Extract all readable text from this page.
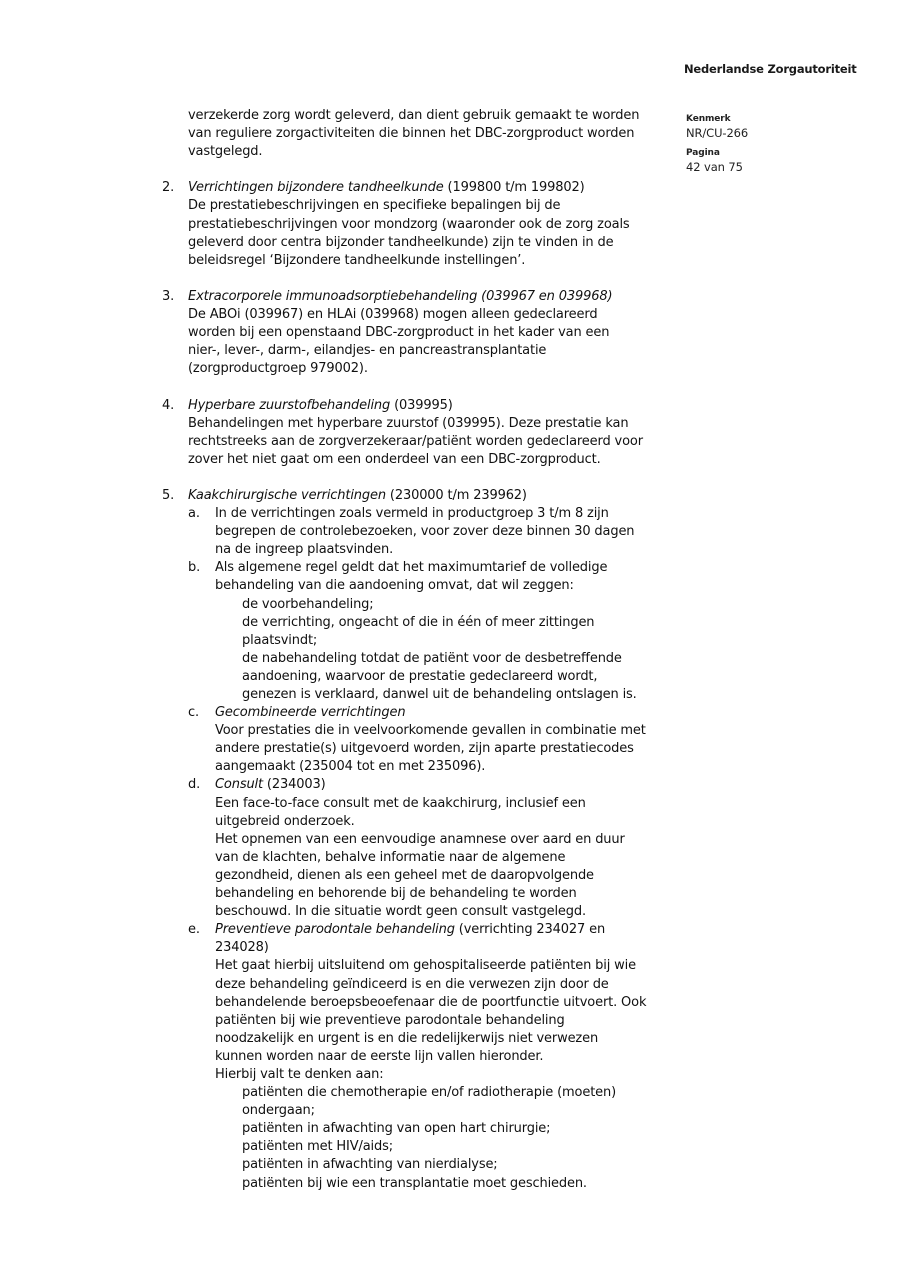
Nederlandse Zorgautoriteit
Kenmerk
NR/CU-266
Pagina
42 van 75
verzekerde zorg wordt geleverd, dan dient gebruik gemaakt te worden
van reguliere zorgactiviteiten die binnen het DBC-zorgproduct worden
vastgelegd.
2. Verrichtingen bijzondere tandheelkunde (199800 t/m 199802)
De prestatiebeschrijvingen en specifieke bepalingen bij de
prestatiebeschrijvingen voor mondzorg (waaronder ook de zorg zoals
geleverd door centra bijzonder tandheelkunde) zijn te vinden in de
beleidsregel ‘Bijzondere tandheelkunde instellingen’.
3. Extracorporele immunoadsorptiebehandeling (039967 en 039968)
De ABOi (039967) en HLAi (039968) mogen alleen gedeclareerd
worden bij een openstaand DBC-zorgproduct in het kader van een
nier-, lever-, darm-, eilandjes- en pancreastransplantatie
(zorgproductgroep 979002).
4. Hyperbare zuurstofbehandeling (039995)
Behandelingen met hyperbare zuurstof (039995). Deze prestatie kan
rechtstreeks aan de zorgverzekeraar/patiënt worden gedeclareerd voor
zover het niet gaat om een onderdeel van een DBC-zorgproduct.
5. Kaakchirurgische verrichtingen (230000 t/m 239962)
a. In de verrichtingen zoals vermeld in productgroep 3 t/m 8 zijn
begrepen de controlebezoeken, voor zover deze binnen 30 dagen
na de ingreep plaatsvinden.
b. Als algemene regel geldt dat het maximumtarief de volledige
behandeling van die aandoening omvat, dat wil zeggen:
de voorbehandeling;
de verrichting, ongeacht of die in één of meer zittingen
plaatsvindt;
de nabehandeling totdat de patiënt voor de desbetreffende
aandoening, waarvoor de prestatie gedeclareerd wordt,
genezen is verklaard, danwel uit de behandeling ontslagen is.
c. Gecombineerde verrichtingen
Voor prestaties die in veelvoorkomende gevallen in combinatie met
andere prestatie(s) uitgevoerd worden, zijn aparte prestatiecodes
aangemaakt (235004 tot en met 235096).
d. Consult (234003)
Een face-to-face consult met de kaakchirurg, inclusief een
uitgebreid onderzoek.
Het opnemen van een eenvoudige anamnese over aard en duur
van de klachten, behalve informatie naar de algemene
gezondheid, dienen als een geheel met de daaropvolgende
behandeling en behorende bij de behandeling te worden
beschouwd. In die situatie wordt geen consult vastgelegd.
e. Preventieve parodontale behandeling (verrichting 234027 en
234028)
Het gaat hierbij uitsluitend om gehospitaliseerde patiënten bij wie
deze behandeling geïndiceerd is en die verwezen zijn door de
behandelende beroepsbeoefenaar die de poortfunctie uitvoert. Ook
patiënten bij wie preventieve parodontale behandeling
noodzakelijk en urgent is en die redelijkerwijs niet verwezen
kunnen worden naar de eerste lijn vallen hieronder.
Hierbij valt te denken aan:
patiënten die chemotherapie en/of radiotherapie (moeten)
ondergaan;
patiënten in afwachting van open hart chirurgie;
patiënten met HIV/aids;
patiënten in afwachting van nierdialyse;
patiënten bij wie een transplantatie moet geschieden.
